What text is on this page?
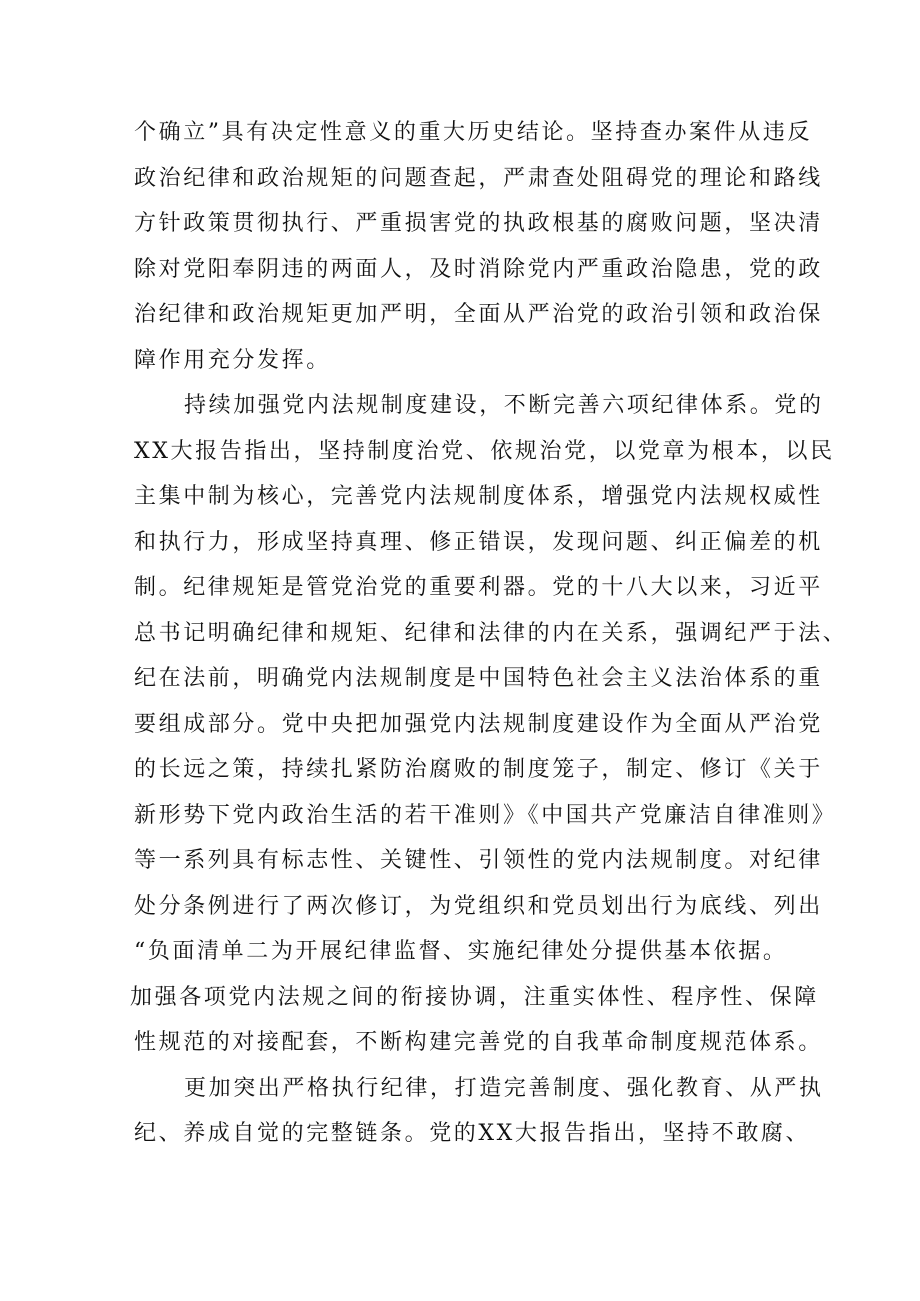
个确立”具有决定性意义的重大历史结论。坚持查办案件从违反
政治纪律和政治规矩的问题查起，严肃查处阻碍党的理论和路线
方针政策贯彻执行、严重损害党的执政根基的腐败问题，坚决清
除对党阳奉阴违的两面人，及时消除党内严重政治隐患，党的政
治纪律和政治规矩更加严明，全面从严治党的政治引领和政治保
障作用充分发挥。
持续加强党内法规制度建设，不断完善六项纪律体系。党的
XX大报告指出，坚持制度治党、依规治党，以党章为根本，以民
主集中制为核心，完善党内法规制度体系，增强党内法规权威性
和执行力，形成坚持真理、修正错误，发现问题、纠正偏差的机
制。纪律规矩是管党治党的重要利器。党的十八大以来，习近平
总书记明确纪律和规矩、纪律和法律的内在关系，强调纪严于法、
纪在法前，明确党内法规制度是中国特色社会主义法治体系的重
要组成部分。党中央把加强党内法规制度建设作为全面从严治党
的长远之策，持续扎紧防治腐败的制度笼子，制定、修订《关于
新形势下党内政治生活的若干准则》《中国共产党廉洁自律准则》
等一系列具有标志性、关键性、引领性的党内法规制度。对纪律
处分条例进行了两次修订，为党组织和党员划出行为底线、列出
“负面清单二为开展纪律监督、实施纪律处分提供基本依据。
加强各项党内法规之间的衔接协调，注重实体性、程序性、保障
性规范的对接配套，不断构建完善党的自我革命制度规范体系。
更加突出严格执行纪律，打造完善制度、强化教育、从严执
纪、养成自觉的完整链条。党的XX大报告指出，坚持不敢腐、
